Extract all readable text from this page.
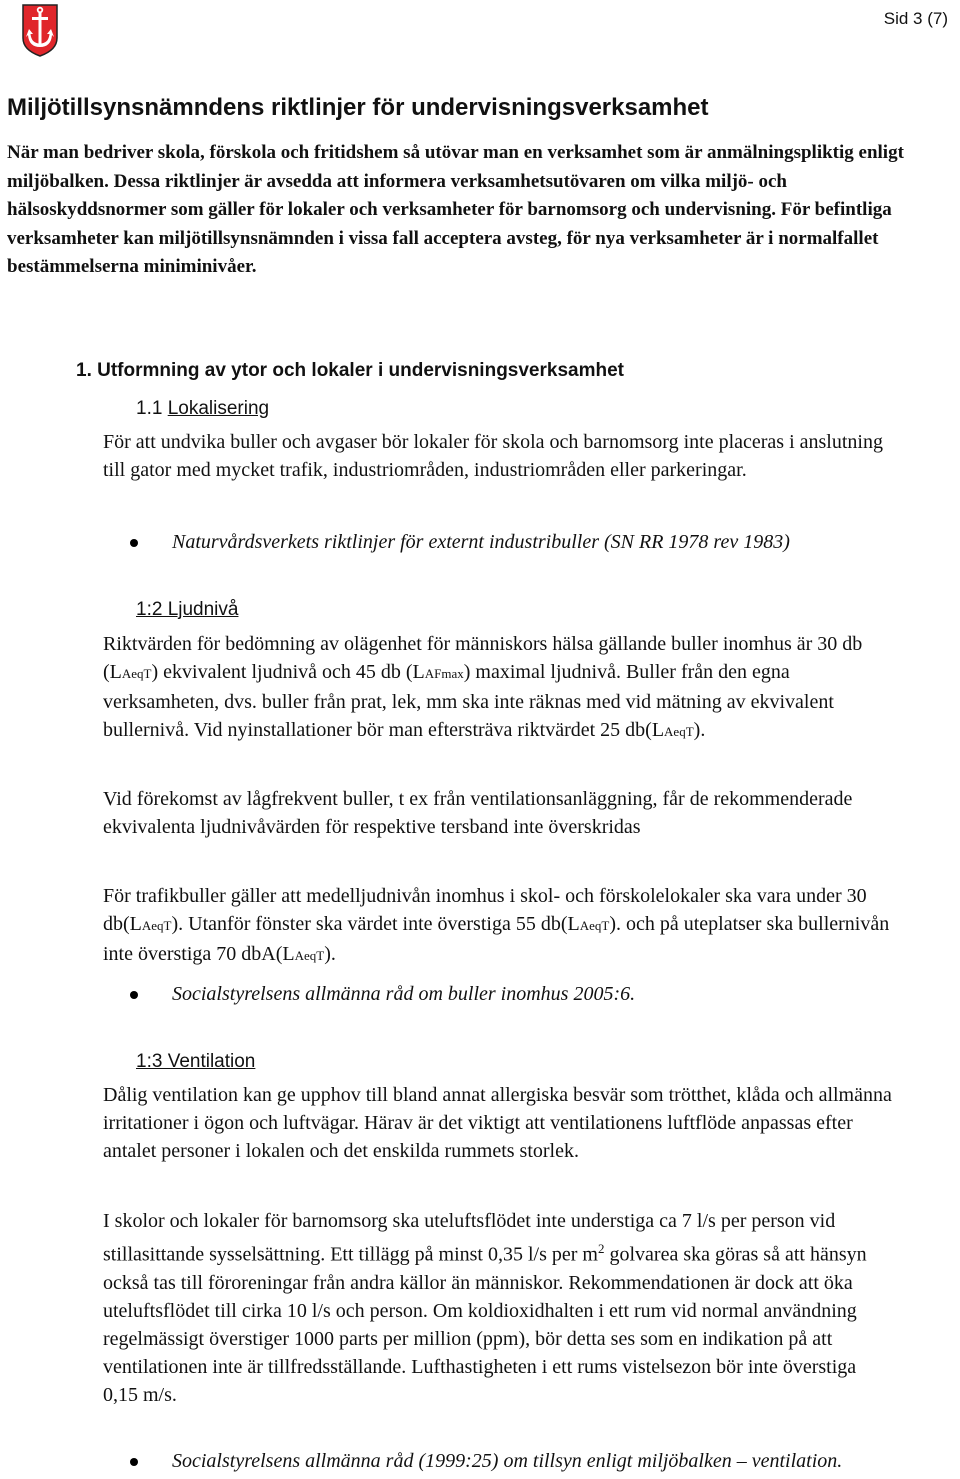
Sid 3 (7)
Miljötillsynsnämndens riktlinjer för undervisningsverksamhet
När man bedriver skola, förskola och fritidshem så utövar man en verksamhet som är anmälningspliktig enligt miljöbalken. Dessa riktlinjer är avsedda att informera verksamhetsutövaren om vilka miljö- och hälsoskyddsnormer som gäller för lokaler och verksamheter för barnomsorg och undervisning. För befintliga verksamheter kan miljötillsynsnämnden i vissa fall acceptera avsteg, för nya verksamheter är i normalfallet bestämmelserna miniminivåer.
1. Utformning av ytor och lokaler i undervisningsverksamhet
1.1 Lokalisering
För att undvika buller och avgaser bör lokaler för skola och barnomsorg inte placeras i anslutning till gator med mycket trafik, industriområden, industriområden eller parkeringar.
Naturvårdsverkets riktlinjer för externt industribuller (SN RR 1978 rev 1983)
1:2 Ljudnivå
Riktvärden för bedömning av olägenhet för människors hälsa gällande buller inomhus är 30 db (LAeqT) ekvivalent ljudnivå och 45 db (LAFmax) maximal ljudnivå. Buller från den egna verksamheten, dvs. buller från prat, lek, mm ska inte räknas med vid mätning av ekvivalent bullernivå. Vid nyinstallationer bör man eftersträva riktvärdet 25 db(LAeqT).
Vid förekomst av lågfrekvent buller, t ex från ventilationsanläggning, får de rekommenderade ekvivalenta ljudnivåvärden för respektive tersband inte överskridas
För trafikbuller gäller att medelljudnivån inomhus i skol- och förskolelokaler ska vara under 30 db(LAeqT). Utanför fönster ska värdet inte överstiga 55 db(LAeqT). och på uteplatser ska bullernivån inte överstiga 70 dbA(LAeqT).
Socialstyrelsens allmänna råd om buller inomhus 2005:6.
1:3 Ventilation
Dålig ventilation kan ge upphov till bland annat allergiska besvär som trötthet, klåda och allmänna irritationer i ögon och luftvägar. Härav är det viktigt att ventilationens luftflöde anpassas efter antalet personer i lokalen och det enskilda rummets storlek.
I skolor och lokaler för barnomsorg ska uteluftsflödet inte understiga ca 7 l/s per person vid stillasittande sysselsättning. Ett tillägg på minst 0,35 l/s per $m^2$ golvarea ska göras så att hänsyn också tas till föroreningar från andra källor än människor. Rekommendationen är dock att öka uteluftsflödet till cirka 10 l/s och person. Om koldioxidhalten i ett rum vid normal användning regelmässigt överstiger 1000 parts per million (ppm), bör detta ses som en indikation på att ventilationen inte är tillfredsställande. Lufthastigheten i ett rums vistelsezon bör inte överstiga 0,15 m/s.
Socialstyrelsens allmänna råd (1999:25) om tillsyn enligt miljöbalken – ventilation.
